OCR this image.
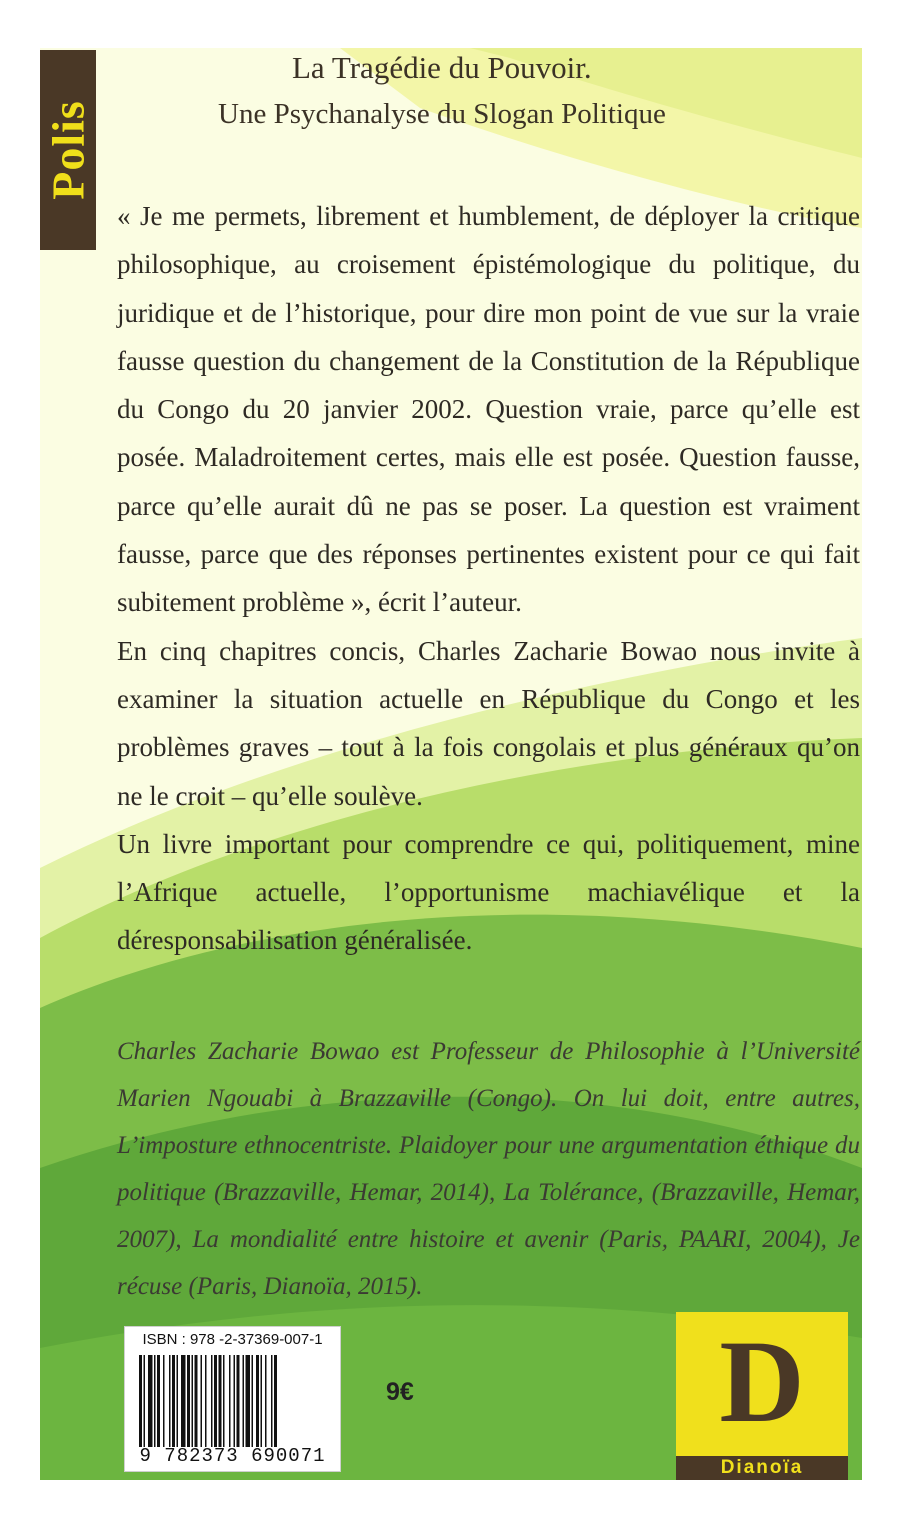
Polis
La Tragédie du Pouvoir.
Une Psychanalyse du Slogan Politique

« Je me permets, librement et humblement, de déployer la critique philosophique, au croisement épistémologique du politique, du juridique et de l’historique, pour dire mon point de vue sur la vraie fausse question du changement de la Constitution de la République du Congo du 20 janvier 2002. Question vraie, parce qu’elle est posée. Maladroitement certes, mais elle est posée. Question fausse, parce qu’elle aurait dû ne pas se poser. La question est vraiment fausse, parce que des réponses pertinentes existent pour ce qui fait subitement problème », écrit l’auteur.

En cinq chapitres concis, Charles Zacharie Bowao nous invite à examiner la situation actuelle en République du Congo et les problèmes graves – tout à la fois congolais et plus généraux qu’on ne le croit – qu’elle soulève.

Un livre important pour comprendre ce qui, politiquement, mine l’Afrique actuelle, l’opportunisme machiavélique et la déresponsabilisation généralisée.

Charles Zacharie Bowao est Professeur de Philosophie à l’Université Marien Ngouabi à Brazzaville (Congo). On lui doit, entre autres, L’imposture ethnocentriste. Plaidoyer pour une argumentation éthique du politique (Brazzaville, Hemar, 2014), La Tolérance, (Brazzaville, Hemar, 2007), La mondialité entre histoire et avenir (Paris, PAARI, 2004), Je récuse (Paris, Dianoïa, 2015).
ISBN : 978 -2-37369-007-1
9 782373 690071
9€	D
Dianoïa
